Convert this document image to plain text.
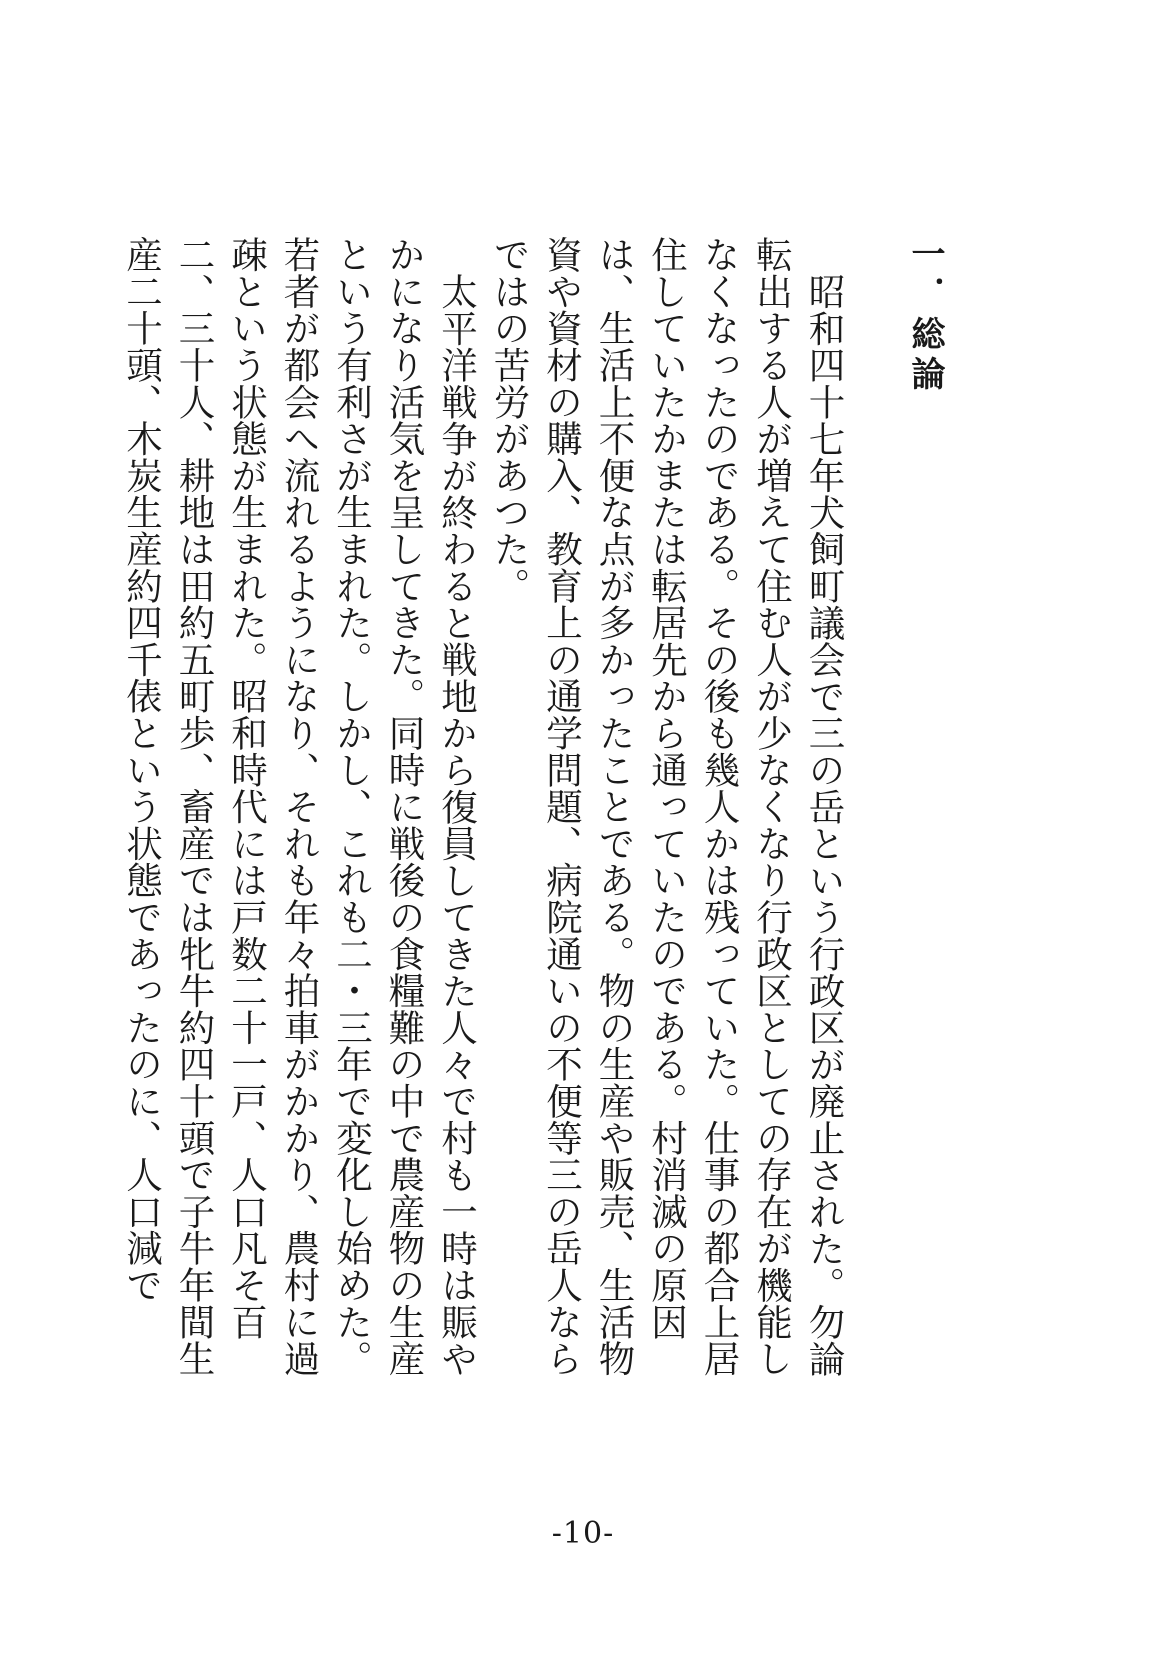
一．総論

昭和四十七年犬飼町議会で三の岳という行政区が廃止された。勿論転出する人が増えて住む人が少なくなり行政区としての存在が機能しなくなったのである。その後も幾人かは残っていた。仕事の都合上居住していたかまたは転居先から通っていたのである。村消滅の原因は、生活上不便な点が多かったことである。物の生産や販売、生活物資や資材の購入、教育上の通学問題、病院通いの不便等三の岳人ならではの苦労があつた。

太平洋戦争が終わると戦地から復員してきた人々で村も一時は賑やかになり活気を呈してきた。同時に戦後の食糧難の中で農産物の生産という有利さが生まれた。しかし、これも二・三年で変化し始めた。若者が都会へ流れるようになり、それも年々拍車がかかり、農村に過疎という状態が生まれた。昭和時代には戸数二十一戸、人口凡そ百二、三十人、耕地は田約五町歩、畜産では牝牛約四十頭で子牛年間生産二十頭、木炭生産約四千俵という状態であったのに、人口減で

-10-
